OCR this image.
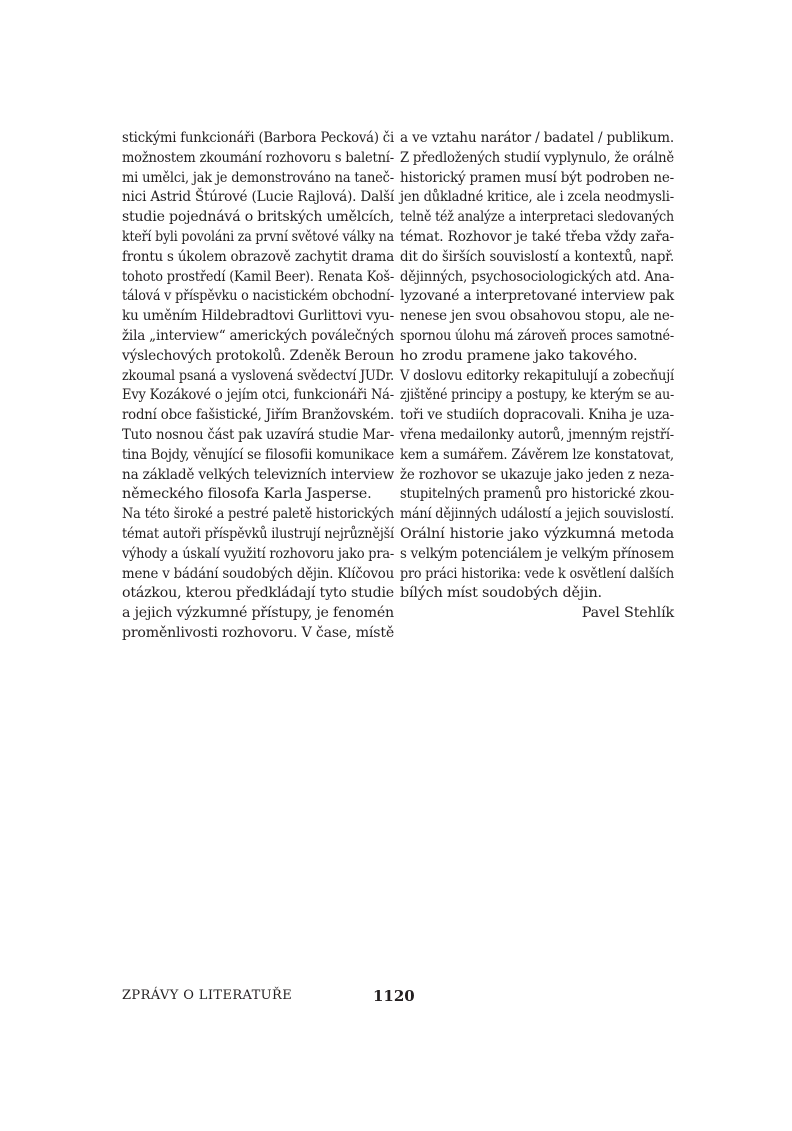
stickými funkcionáři (Barbora Pecková) či
možnostem zkoumání rozhovoru s baletní-
mi umělci, jak je demonstrováno na taneč-
nici Astrid Štúrové (Lucie Rajlová). Další
studie pojednává o britských umělcích,
kteří byli povoláni za první světové války na
frontu s úkolem obrazově zachytit drama
tohoto prostředí (Kamil Beer). Renata Koš-
tálová v příspěvku o nacistickém obchodní-
ku uměním Hildebradtovi Gurlittovi vyu-
žila „interview“ amerických poválečných
výslechových protokolů. Zdeněk Beroun
zkoumal psaná a vyslovená svědectví JUDr.
Evy Kozákové o jejím otci, funkcionáři Ná-
rodní obce fašistické, Jiřím Branžovském.
Tuto nosnou část pak uzavírá studie Mar-
tina Bojdy, věnující se filosofii komunikace
na základě velkých televizních interview
německého filosofa Karla Jasperse.
Na této široké a pestré paletě historických
témat autoři příspěvků ilustrují nejrůznější
výhody a úskalí využití rozhovoru jako pra-
mene v bádání soudobých dějin. Klíčovou
otázkou, kterou předkládají tyto studie
a jejich výzkumné přístupy, je fenomén
proměnlivosti rozhovoru. V čase, místě
a ve vztahu narátor / badatel / publikum.
Z předložených studií vyplynulo, že orálně
historický pramen musí být podroben ne-
jen důkladné kritice, ale i zcela neodmysli-
telně též analýze a interpretaci sledovaných
témat. Rozhovor je také třeba vždy zařa-
dit do širších souvislostí a kontextů, např.
dějinných, psychosociologických atd. Ana-
lyzované a interpretované interview pak
nenese jen svou obsahovou stopu, ale ne-
spornou úlohu má zároveň proces samotné-
ho zrodu pramene jako takového.
V doslovu editorky rekapitulují a zobecňují
zjištěné principy a postupy, ke kterým se au-
toři ve studiích dopracovali. Kniha je uza-
vřena medailonky autorů, jmenným rejstří-
kem a sumářem. Závěrem lze konstatovat,
že rozhovor se ukazuje jako jeden z neza-
stupitelných pramenů pro historické zkou-
mání dějinných událostí a jejich souvislostí.
Orální historie jako výzkumná metoda
s velkým potenciálem je velkým přínosem
pro práci historika: vede k osvětlení dalších
bílých míst soudobých dějin.
Pavel Stehlík
ZPRÁVY O LITERATUŘE	1120
